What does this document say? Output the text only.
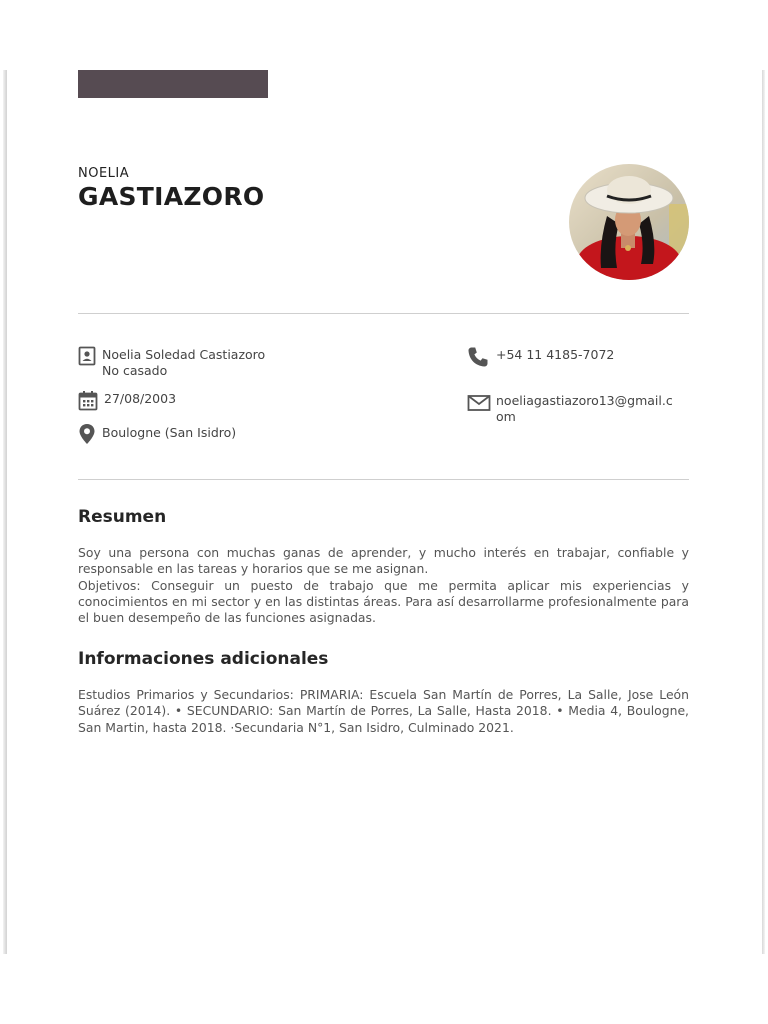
NOELIA
GASTIAZORO
Noelia Soledad Castiazoro
No casado
27/08/2003
Boulogne (San Isidro)
+54 11 4185-7072
noeliagastiazoro13@gmail.c
om
Resumen
Soy una persona con muchas ganas de aprender, y mucho interés en trabajar, confiable y responsable en las tareas y horarios que se me asignan.
Objetivos: Conseguir un puesto de trabajo que me permita aplicar mis experiencias y conocimientos en mi sector y en las distintas áreas. Para así desarrollarme profesionalmente para el buen desempeño de las funciones asignadas.
Informaciones adicionales
Estudios Primarios y Secundarios: PRIMARIA: Escuela San Martín de Porres, La Salle, Jose León Suárez (2014). • SECUNDARIO: San Martín de Porres, La Salle, Hasta 2018. • Media 4, Boulogne, San Martin, hasta 2018. ·Secundaria N°1, San Isidro, Culminado 2021.
